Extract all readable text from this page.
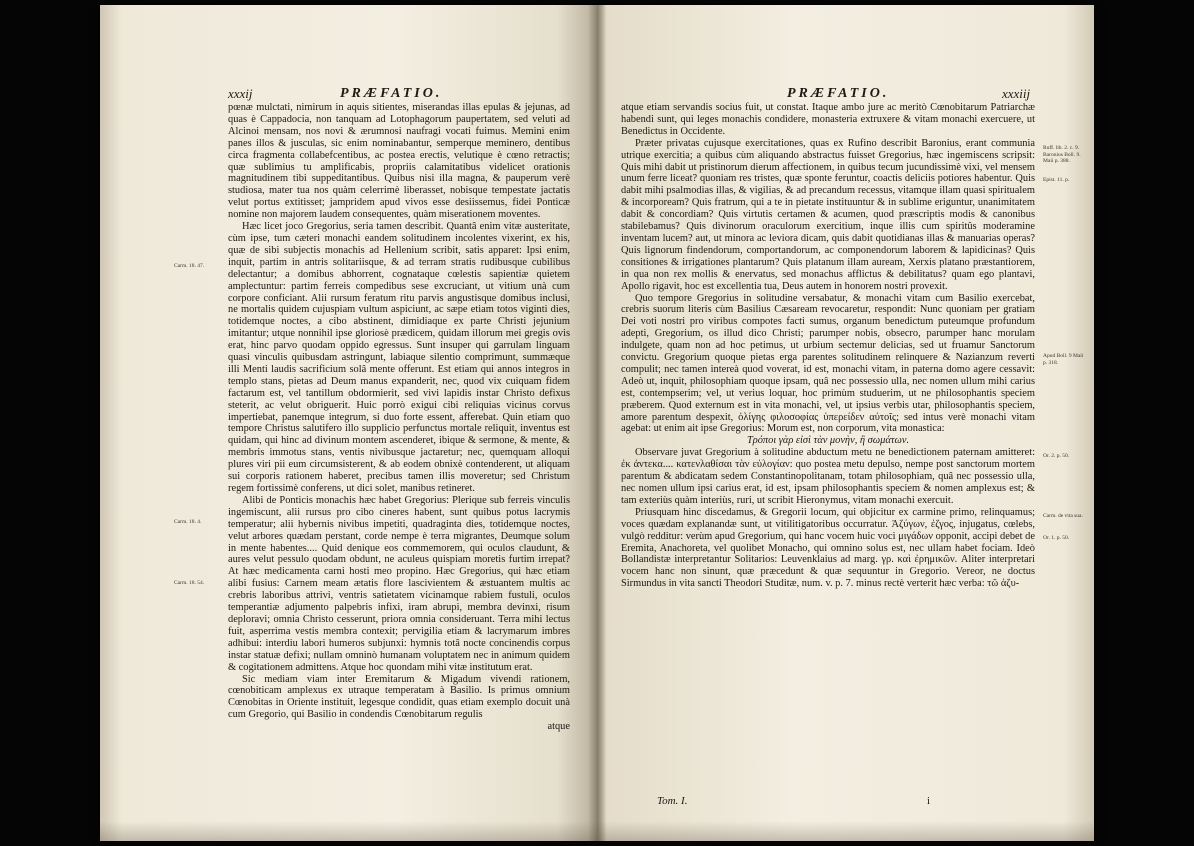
xxxij	PRÆFATIO.
Carm. 18. 47.
Carm. 18. 4.
Carm. 18. 54.

pœnæ mulctati, nimirum in aquis sitientes, miserandas illas epulas & jejunas, ad quas è Cappadocia, non tanquam ad Lotophagorum paupertatem, sed veluti ad Alcinoi mensam, nos novi & ærumnosi naufragi vocati fuimus. Memini enim panes illos & jusculas, sic enim nominabantur, semperque meminero, dentibus circa fragmenta collabefcentibus, ac postea erectis, velutique è cœno retractis; quæ sublimius tu amplificabis, propriis calamitatibus videlicet orationis magnitudinem tibi suppeditantibus. Quibus nisi illa magna, & pauperum verè studiosa, mater tua nos quàm celerrimè liberasset, nobisque tempestate jactatis velut portus extitisset; jampridem apud vivos esse desiissemus, fidei Ponticæ nomine non majorem laudem consequentes, quàm miserationem moventes.

Hæc licet joco Gregorius, seria tamen describit. Quantâ enim vitæ austeritate, cùm ipse, tum cæteri monachi eandem solitudinem incolentes vixerint, ex his, quæ de sibi subjectis monachis ad Hellenium scribit, satis apparet: Ipsi enim, inquit, partim in antris solitariisque, & ad terram stratis rudibusque cubilibus delectantur; a domibus abhorrent, cognataque cœlestis sapientiæ quietem amplectuntur: partim ferreis compedibus sese excruciant, ut vitium unà cum corpore conficiant. Alii rursum feratum ritu parvis angustisque domibus inclusi, ne mortalis quidem cujuspiam vultum aspiciunt, ac sæpe etiam totos viginti dies, totidemque noctes, a cibo abstinent, dimidiaque ex parte Christi jejunium imitantur; utque nonnihil ipse gloriosè prædicem, quidam illorum mei gregis ovis erat, hinc parvo quodam oppido egressus. Sunt insuper qui garrulam linguam quasi vinculis quibusdam astringunt, labiaque silentio comprimunt, summæque illi Menti laudis sacrificium solâ mente offerunt. Est etiam qui annos integros in templo stans, pietas ad Deum manus expanderit, nec, quod vix cuiquam fidem factarum est, vel tantillum obdormierit, sed vivi lapidis instar Christo defixus steterit, ac velut obriguerit. Huic porrò exigui cibi reliquias vicinus corvus impertiebat, panemque integrum, si duo forte essent, afferebat. Quin etiam quo tempore Christus salutifero illo supplicio perfunctus mortale reliquit, inventus est quidam, qui hinc ad divinum montem ascenderet, ibique & sermone, & mente, & membris immotus stans, ventis nivibusque jactaretur; nec, quemquam alloqui plures viri pii eum circumsisterent, & ab eodem obnixè contenderent, ut aliquam sui corporis rationem haberet, precibus tamen illis moveretur; sed Christum regem fortissimè conferens, ut dici solet, manibus retineret.

Alibi de Ponticis monachis hæc habet Gregorius: Plerique sub ferreis vinculis ingemiscunt, alii rursus pro cibo cineres habent, sunt quibus potus lacrymis temperatur; alii hybernis nivibus impetiti, quadraginta dies, totidemque noctes, velut arbores quædam perstant, corde nempe è terra migrantes, Deumque solum in mente habentes.... Quid denique eos commemorem, qui oculos claudunt, & aures velut pessulo quodam obdunt, ne aculeus quispiam moretis furtim irrepat? At hæc medicamenta carni hosti meo propino. Hæc Gregorius, qui hæc etiam alibi fusius: Carnem meam ætatis flore lascivientem & æstuantem multis ac crebris laboribus attrivi, ventris satietatem vicinamque rabiem fustuli, oculos temperantiæ adjumento palpebris infixi, iram abrupi, membra devinxi, risum deploravi; omnia Christo cesserunt, priora omnia consideruant. Terra mihi lectus fuit, asperrima vestis membra contexit; pervigilia etiam & lacrymarum imbres adhibui: interdiu labori humeros subjunxi: hymnis totâ nocte concinendis corpus instar statuæ defixi; nullam omninò humanam voluptatem nec in animum quidem & cogitationem admittens. Atque hoc quondam mihi vitæ institutum erat.

Sic mediam viam inter Eremitarum & Migadum vivendi rationem, cœnobiticam amplexus ex utraque temperatam à Basilio. Is primus omnium Cœnobitas in Oriente instituit, legesque condidit, quas etiam exemplo docuit unà cum Gregorio, qui Basilio in condendis Cœnobitarum regulis

atque
PRÆFATIO.	xxxiij
Ruff. lib. 2. c. 9. Baronius Boll. 9. Maii p. 388.
Epist. 11. p.
Apud Boll. 9 Maii p. 318.
Or. 2. p. 50.
Carm. de vita sua.
Or. 1. p. 50.

atque etiam servandis socius fuit, ut constat. Itaque ambo jure ac meritò Cœnobitarum Patriarchæ habendi sunt, qui leges monachis condidere, monasteria extruxere & vitam monachi exercuere, ut Benedictus in Occidente.

Præter privatas cujusque exercitationes, quas ex Rufino describit Baronius, erant communia utrique exercitia; a quibus cùm aliquando abstractus fuisset Gregorius, hæc ingemiscens scripsit: Quis mihi dabit ut pristinorum dierum affectionem, in quibus tecum jucundissimè vixi, vel mensem unum ferre liceat? quoniam res tristes, quæ sponte feruntur, coactis deliciis potiores habentur. Quis dabit mihi psalmodias illas, & vigilias, & ad precandum recessus, vitamque illam quasi spiritualem & incorpoream? Quis fratrum, qui a te in pietate instituuntur & in sublime eriguntur, unanimitatem dabit & concordiam? Quis virtutis certamen & acumen, quod præscriptis modis & canonibus stabilebamus? Quis divinorum oraculorum exercitium, inque illis cum spiritûs moderamine inventam lucem? aut, ut minora ac leviora dicam, quis dabit quotidianas illas & manuarias operas? Quis lignorum findendorum, comportandorum, ac componendorum laborem & lapidicinas? Quis consitiones & irrigationes plantarum? Quis platanum illam auream, Xerxis platano præstantiorem, in qua non rex mollis & enervatus, sed monachus afflictus & debilitatus? quam ego plantavi, Apollo rigavit, hoc est excellentia tua, Deus autem in honorem nostri provexit.

Quo tempore Gregorius in solitudine versabatur, & monachi vitam cum Basilio exercebat, crebris suorum literis cùm Basilius Cæsaream revocaretur, respondit: Nunc quoniam per gratiam Dei voti nostri pro viribus compotes facti sumus, organum benedictum puteumque profundum adepti, Gregorium, os illud dico Christi; parumper nobis, obsecro, parumper hanc morulam indulgete, quam non ad hoc petimus, ut urbium sectemur delicias, sed ut fruamur Sanctorum convictu. Gregorium quoque pietas erga parentes solitudinem relinquere & Nazianzum reverti compulit; nec tamen intereà quod voverat, id est, monachi vitam, in paterna domo agere cessavit: Adeò ut, inquit, philosophiam quoque ipsam, quâ nec possessio ulla, nec nomen ullum mihi carius est, contempserim; vel, ut verius loquar, hoc primùm studuerim, ut ne philosophantis speciem præberem. Quod externum est in vita monachi, vel, ut ipsius verbis utar, philosophantis speciem, amore parentum despexit, ὀλίγης φιλοσοφίας ὑπερείδεν αὐτοῖς; sed intus verè monachi vitam agebat: ut enim ait ipse Gregorius: Morum est, non corporum, vita monastica:

Τρόποι γὰρ εἰσὶ τὰν μονὴν, ἢ σωμάτων.

Observare juvat Gregorium à solitudine abductum metu ne benedictionem paternam amitteret: ἐκ ἀντεκα.... κατενλαθίσαι τὰν εὐλογίαν: quo postea metu depulso, nempe post sanctorum mortem parentum & abdicatam sedem Constantinopolitanam, totam philosophiam, quâ nec possessio ulla, nec nomen ullum ipsi carius erat, id est, ipsam philosophantis speciem & nomen amplexus est; & tam exteriùs quàm interiùs, ruri, ut scribit Hieronymus, vitam monachi exercuit.

Priusquam hinc discedamus, & Gregorii locum, qui objicitur ex carmine primo, relinquamus; voces quædam explanandæ sunt, ut vitilitigatoribus occurratur. Ἀζύγων, ἐζγος, injugatus, cœlebs, vulgò redditur: verùm apud Gregorium, qui hanc vocem huic voci μιγάδων opponit, accipi debet de Eremita, Anachoreta, vel quolibet Monacho, qui omnino solus est, nec ullam habet fociam. Ideò Bollandistæ interpretantur Solitarios: Leuvenklaius ad marg. γρ. καὶ ἐρημικῶν. Aliter interpretari vocem hanc non sinunt, quæ præcedunt & quæ sequuntur in Gregorio. Vereor, ne doctus Sirmundus in vita sancti Theodori Studitæ, num. v. p. 7. minus rectè verterit hæc verba: τῶ ἀζυ-

Tom. I.	i
